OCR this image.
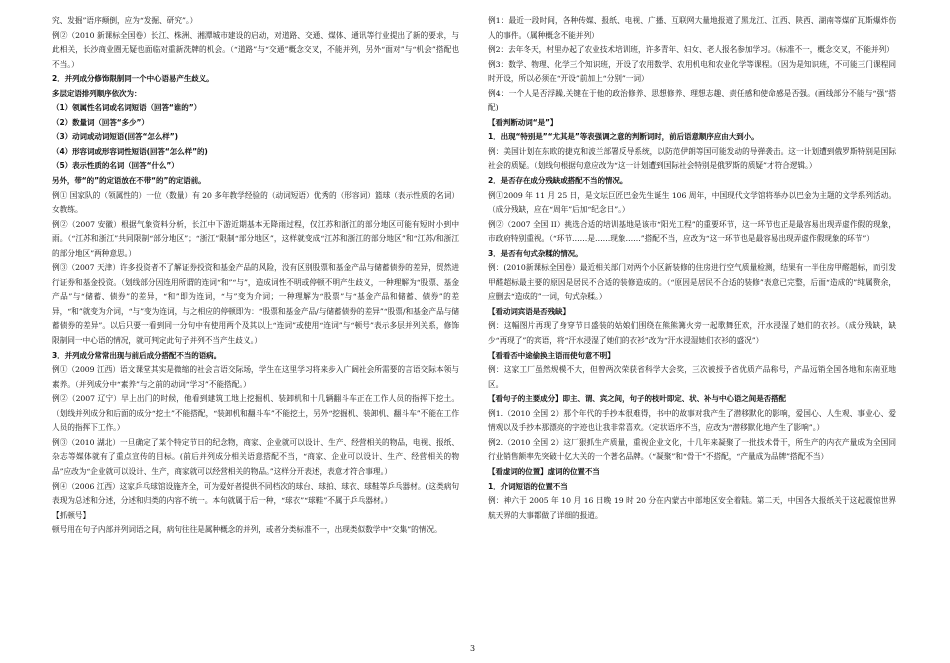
究、发掘”语序颠倒，应为“发掘、研究”。）

例②（2010 新课标全国卷）长江、株洲、湘潭城市建设的启动，对道路、交通、煤体、通讯等行业提出了新的要求，与此相关，长沙商业圈无疑也面临对重新洗牌的机会。（“道路”与“交通”概念交叉，不能并列，另外“面对”与“机会”搭配也不当。）

2．并列成分修饰限制同一个中心语易产生歧义。

多层定语排列顺序依次为：

（1）领属性名词或名词短语（回答“谁的”）

（2）数量词（回答“多少”）

（3）动词或动词短语(回答“怎么样”)

（4）形容词或形容词性短语(回答“怎么样”的)

（5）表示性质的名词（回答“什么”）

另外，带“的”的定语放在不带“的”的定语前。

例① 国家队的（领属性的）一位（数量）有 20 多年教学经验的（动词短语）优秀的（形容词）篮球（表示性质的名词）女教练。

例②（2007 安徽）根据气象资料分析，长江中下游近期基本无降雨过程，仅江苏和浙江的部分地区可能有短时小到中雨。（“江苏和浙江”共同限制“部分地区”；“浙江”限制“部分地区”，这样就变成“江苏和浙江的部分地区”和“江苏/和浙江的部分地区”两种意思。）

例③（2007 天津）许多投资者不了解证券投资和基金产品的风险，没有区别股票和基金产品与储蓄债券的差异，贸然进行证券和基金投资。（划线部分因连用所谓的连词“和”“与”，造成词性不明或停顿不明产生歧义，一种理解为“股票、基金产品”与“储蓄、债券”的差异，“和”即为连词，“与”变为介词；一种理解为“股票”与“基金产品和储蓄、债券”的差异，“和”就变为介词，“与”变为连词，与之相应的停顿即为：“股票和基金产品/与储蓄债券的差异”“股票/和基金产品与储蓄债券的差异”。以后只要一看到同一分句中有使用两个及其以上“连词”或使用“连词”与“顿号”表示多层并列关系，修饰限制同一中心语的情况，就可判定此句子并列不当产生歧义。）

3．并列成分常常出现与前后成分搭配不当的语病。

例①（2009 江西）语文课堂其实是微缩的社会言语交际场，学生在这里学习将来步入广阔社会所需要的言语交际本领与素养。（并列成分中“素养”与之前的动词“学习”不能搭配。）

例②（2007 辽宁）早上出门的时候，他看到建筑工地上挖掘机、装卸机和十几辆翻斗车正在工作人员的指挥下挖土。（划线并列成分和后面的成分“挖土”不能搭配，“装卸机和翻斗车”不能挖土，另外“挖掘机、装卸机、翻斗车”不能在工作人员的指挥下工作。）

例③（2010 湖北）一旦确定了某个特定节日的纪念物，商家、企业就可以设计、生产、经营相关的物品，电视、报纸、杂志等媒体就有了重点宣传的目标。(前后并列成分相关语意搭配不当，“商家、企业可以设计、生产、经营相关的物品”应改为“企业就可以设计、生产，商家就可以经营相关的物品。”这样分开表述，表意才符合事理。）

例④（2006 江西）这家乒乓球馆设施齐全，可为爱好者提供不同档次的球台、球拍、球衣、球鞋等乒乓器材。(这类病句表现为总述和分述，分述和归类的内容不统一。本句就属于后一种，“球衣”“球鞋”不属于乒乓器材。）

【抓顿号】

顿号用在句子内部并列词语之间，病句往往是属种概念的并列，或者分类标准不一，出现类似数学中“交集”的情况。

例1：最近一段时间，各种传媒、报纸、电视、广播、互联网大量地报道了黑龙江、江西、陕西、湖南等煤矿瓦斯爆炸伤人的事件。（属种概念不能并列）

例2：去年冬天，村里办起了农业技术培训班，许多青年、妇女、老人报名参加学习。（标准不一，概念交叉，不能并列）

例3：数学、物理、化学三个知识班，开设了农用数学、农用机电和农业化学等课程。（因为是知识班，不可能三门课程同时开设，所以必须在“开设”前加上“分别”一词）

例4：一个人是否浮躁,关键在于他的政治修养、思想修养、理想志趣、责任感和使命感是否强。(画线部分不能与“强”搭配)

【看判断动词“是”】

1．出现“特别是”“尤其是”等表强调之意的判断词时，前后语意顺序应由大到小。

例：美国计划在东欧的捷克和波兰部署反导系统，以防范伊朗等国可能发动的导弹袭击。这一计划遭到俄罗斯特别是国际社会的质疑。（划线句根据句意应改为“这一计划遭到国际社会特别是俄罗斯的质疑”才符合逻辑。）

2．是否存在成分残缺或搭配不当的情况。

例①2009 年 11 月 25 日，是文坛巨匠巴金先生诞生 106 周年，中国现代文学馆将举办以巴金为主题的文学系列活动。（成分残缺，应在“周年”后加“纪念日”。）

例②（2007 全国 II）挑选合适的培训基地是该市“阳光工程”的重要环节，这一环节也正是最容易出现弄虚作假的现象，市政府特别重视。（“环节……是……现象……”搭配不当，应改为“这一环节也是最容易出现弄虚作假现象的环节”）

3．是否有句式杂糅的情况。

例：(2010新课标全国卷）最近相关部门对两个小区新装修的住房进行空气质量检测，结果有一半住房甲醛超标，而引发甲醛超标最主要的原因是居民不合适的装修造成的。（“原因是居民不合适的装修”表意已完整，后面“造成的”纯属赘余，应删去“造成的”一词，句式杂糅。）

【看动词宾语是否残缺】

例：这幅图片再现了身穿节日盛装的姑娘们围绕在熊熊篝火旁一起歌舞狂欢，汗水浸湿了她们的衣衫。（成分残缺，缺少“再现了”的宾语，将“汗水浸湿了她们的衣衫”改为“汗水浸湿她们衣衫的盛况”）

【看看否中途偷换主语而使句意不明】

例：这家工厂虽然规模不大，但曾两次荣获省科学大会奖，三次被授予省优质产品称号，产品远销全国各地和东南亚地区。

【看句子的主要成分】即主、谓、宾之间，句子的枝叶即定、状、补与中心语之间是否搭配

例1.（2010 全国 2）那个年代的手抄本很难得，书中的故事对我产生了潜移默化的影响，爱国心、人生观、事业心、爱情观以及手抄本那漂亮的字迹也让我非常喜欢。（定状语序不当，应改为“潜移默化地产生了影响”。）

例2.（2010 全国 2）这厂狠抓生产质量，重视企业文化，十几年来凝聚了一批技术骨干，所生产的内衣产量成为全国同行业销售额率先突破十亿大关的一个著名品牌。（“凝聚”和“骨干”不搭配，“产量成为品牌”搭配不当）

【看虚词的位置】虚词的位置不当

1．介词短语的位置不当

例：神六于 2005 年 10 月 16 日晚 19 时 20 分在内蒙古中部地区安全着陆。第二天，中国各大报纸关于这起震惊世界航天界的大事都做了详细的报道。

3
